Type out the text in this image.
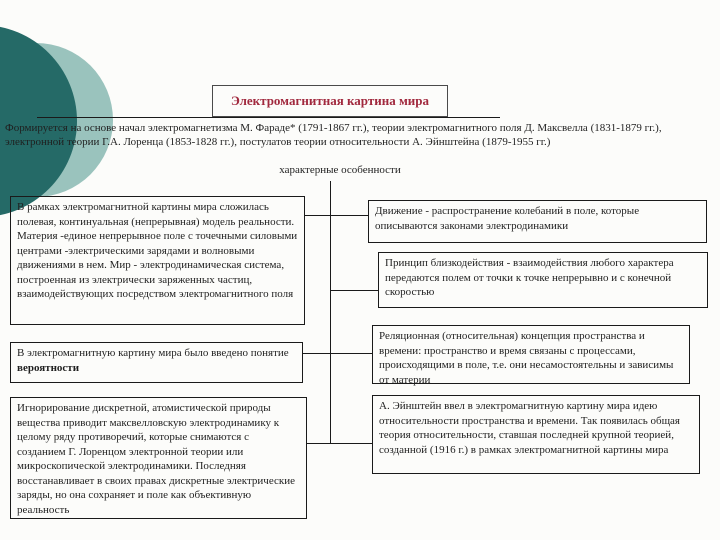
Электромагнитная картина мира
Формируется на основе начал электромагнетизма М. Фараде* (1791-1867 гг.), теории электромагнитного поля Д. Максвелла (1831-1879 гг.), электронной теории Г.А. Лоренца (1853-1828 гг.), постулатов теории относительности А. Эйнштейна (1879-1955 гг.)
характерные особенности
В рамках электромагнитной картины мира сложилась полевая, континуальная (непрерывная) модель реальности. Материя -единое непрерывное поле с точечными силовыми центрами -электрическими зарядами и волновыми движениями в нем. Мир - электродинамическая система, построенная из электрически заряженных частиц, взаимодействующих посредством электромагнитного поля
В электромагнитную картину мира было введено понятие вероятности
Игнорирование дискретной, атомистической природы вещества приводит максвелловскую электродинамику к целому ряду противоречий, которые снимаются с созданием Г. Лоренцом электронной теории или микроскопической электродинамики. Последняя восстанавливает в своих правах дискретные электрические заряды, но она сохраняет и поле как объективную реальность
Движение - распространение колебаний в поле, которые описываются законами электродинамики
Принцип близкодействия - взаимодействия любого характера передаются полем от точки к точке непрерывно и с конечной скоростью
Реляционная (относительная) концепция пространства и времени: пространство и время связаны с процессами, происходящими в поле, т.е. они несамостоятельны и зависимы от материи
А. Эйнштейн ввел в электромагнитную картину мира идею относительности пространства и времени. Так появилась общая теория относительности, ставшая последней крупной теорией, созданной (1916 г.) в рамках электромагнитной картины мира
